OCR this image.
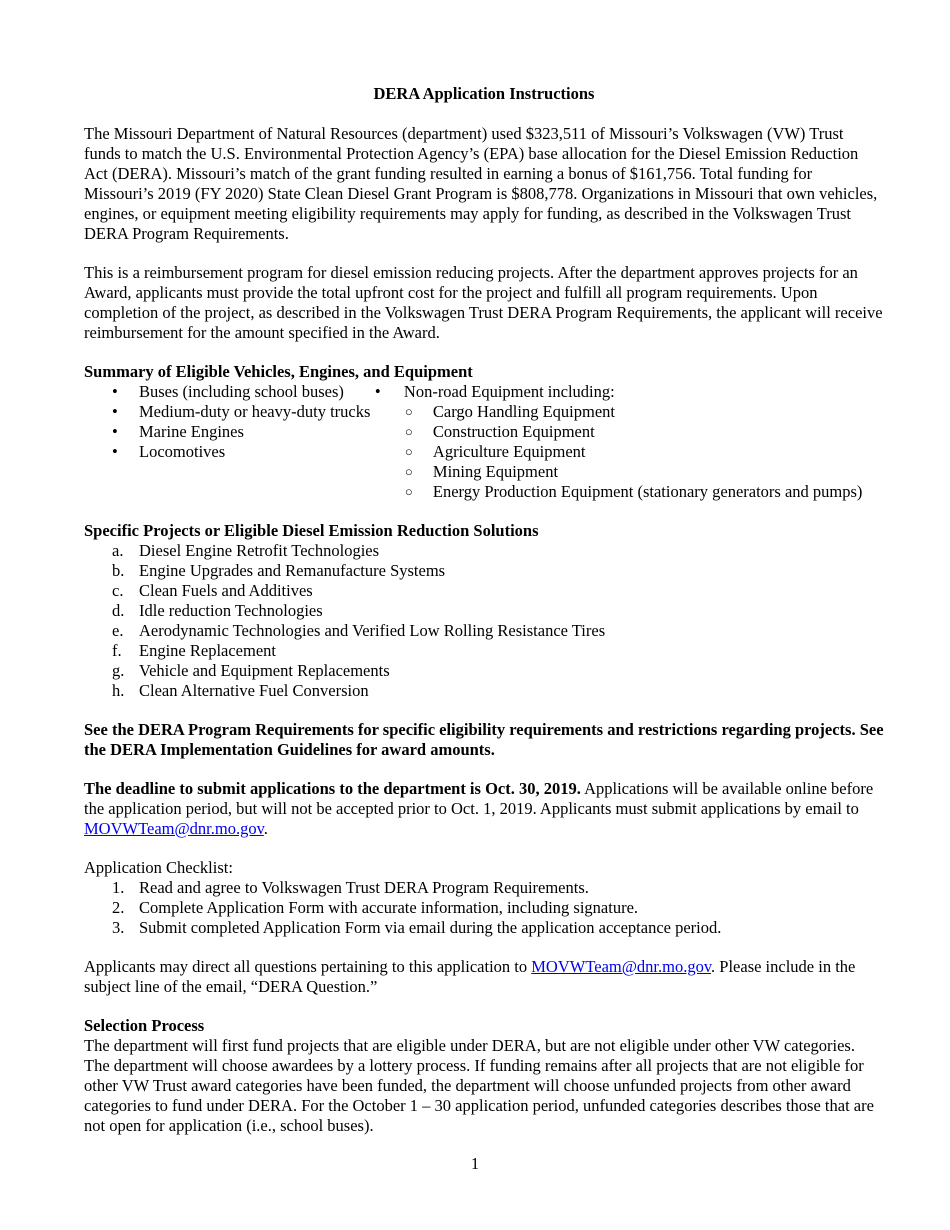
DERA Application Instructions

The Missouri Department of Natural Resources (department) used $323,511 of Missouri’s Volkswagen (VW) Trust funds to match the U.S. Environmental Protection Agency’s (EPA) base allocation for the Diesel Emission Reduction Act (DERA). Missouri’s match of the grant funding resulted in earning a bonus of $161,756. Total funding for Missouri’s 2019 (FY 2020) State Clean Diesel Grant Program is $808,778. Organizations in Missouri that own vehicles, engines, or equipment meeting eligibility requirements may apply for funding, as described in the Volkswagen Trust DERA Program Requirements.

This is a reimbursement program for diesel emission reducing projects. After the department approves projects for an Award, applicants must provide the total upfront cost for the project and fulfill all program requirements. Upon completion of the project, as described in the Volkswagen Trust DERA Program Requirements, the applicant will receive reimbursement for the amount specified in the Award.

Summary of Eligible Vehicles, Engines, and Equipment

• Buses (including school buses)
• Medium-duty or heavy-duty trucks
• Marine Engines
• Locomotives
• Non-road Equipment including:
○ Cargo Handling Equipment
○ Construction Equipment
○ Agriculture Equipment
○ Mining Equipment
○ Energy Production Equipment (stationary generators and pumps)

Specific Projects or Eligible Diesel Emission Reduction Solutions

a. Diesel Engine Retrofit Technologies
b. Engine Upgrades and Remanufacture Systems
c. Clean Fuels and Additives
d. Idle reduction Technologies
e. Aerodynamic Technologies and Verified Low Rolling Resistance Tires
f. Engine Replacement
g. Vehicle and Equipment Replacements
h. Clean Alternative Fuel Conversion

See the DERA Program Requirements for specific eligibility requirements and restrictions regarding projects. See the DERA Implementation Guidelines for award amounts.

The deadline to submit applications to the department is Oct. 30, 2019. Applications will be available online before the application period, but will not be accepted prior to Oct. 1, 2019. Applicants must submit applications by email to MOVWTeam@dnr.mo.gov.

Application Checklist:

1. Read and agree to Volkswagen Trust DERA Program Requirements.
2. Complete Application Form with accurate information, including signature.
3. Submit completed Application Form via email during the application acceptance period.

Applicants may direct all questions pertaining to this application to MOVWTeam@dnr.mo.gov. Please include in the subject line of the email, “DERA Question.”

Selection Process

The department will first fund projects that are eligible under DERA, but are not eligible under other VW categories. The department will choose awardees by a lottery process. If funding remains after all projects that are not eligible for other VW Trust award categories have been funded, the department will choose unfunded projects from other award categories to fund under DERA. For the October 1 – 30 application period, unfunded categories describes those that are not open for application (i.e., school buses).

1
